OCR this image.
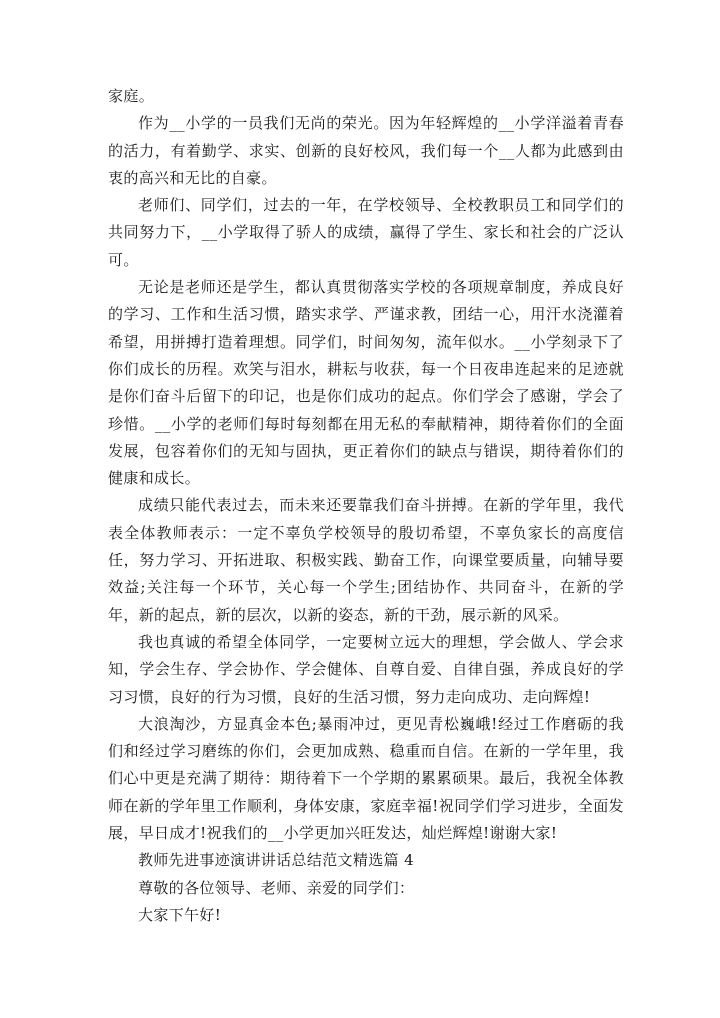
家庭。

作为__小学的一员我们无尚的荣光。因为年轻辉煌的__小学洋溢着青春的活力，有着勤学、求实、创新的良好校风，我们每一个__人都为此感到由衷的高兴和无比的自豪。

老师们、同学们，过去的一年，在学校领导、全校教职员工和同学们的共同努力下，__小学取得了骄人的成绩，赢得了学生、家长和社会的广泛认可。

无论是老师还是学生，都认真贯彻落实学校的各项规章制度，养成良好的学习、工作和生活习惯，踏实求学、严谨求教，团结一心，用汗水浇灌着希望，用拼搏打造着理想。同学们，时间匆匆，流年似水。__小学刻录下了你们成长的历程。欢笑与泪水，耕耘与收获，每一个日夜串连起来的足迹就是你们奋斗后留下的印记，也是你们成功的起点。你们学会了感谢，学会了珍惜。__小学的老师们每时每刻都在用无私的奉献精神，期待着你们的全面发展，包容着你们的无知与固执，更正着你们的缺点与错误，期待着你们的健康和成长。

成绩只能代表过去，而未来还要靠我们奋斗拼搏。在新的学年里，我代表全体教师表示：一定不辜负学校领导的殷切希望，不辜负家长的高度信任，努力学习、开拓进取、积极实践、勤奋工作，向课堂要质量，向辅导要效益;关注每一个环节，关心每一个学生;团结协作、共同奋斗，在新的学年，新的起点，新的层次，以新的姿态，新的干劲，展示新的风采。

我也真诚的希望全体同学，一定要树立远大的理想，学会做人、学会求知，学会生存、学会协作、学会健体、自尊自爱、自律自强，养成良好的学习习惯，良好的行为习惯，良好的生活习惯，努力走向成功、走向辉煌!

大浪淘沙，方显真金本色;暴雨冲过，更见青松巍峨!经过工作磨砺的我们和经过学习磨练的你们，会更加成熟、稳重而自信。在新的一学年里，我们心中更是充满了期待：期待着下一个学期的累累硕果。最后，我祝全体教师在新的学年里工作顺利，身体安康，家庭幸福!祝同学们学习进步，全面发展，早日成才!祝我们的__小学更加兴旺发达，灿烂辉煌!谢谢大家!

教师先进事迹演讲讲话总结范文精选篇 4

尊敬的各位领导、老师、亲爱的同学们：

大家下午好!
